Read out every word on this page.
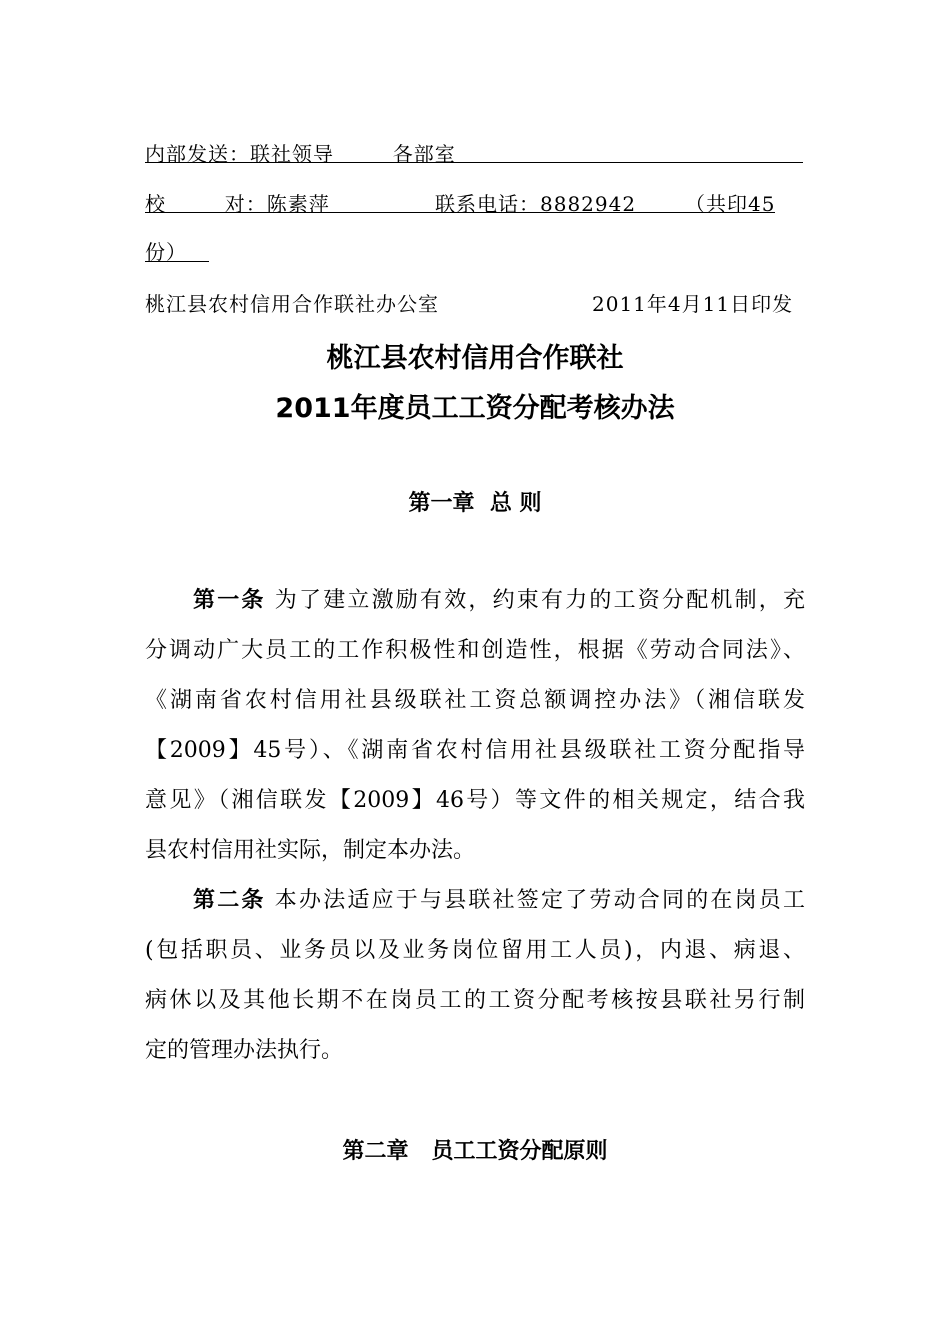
内部发送：联社领导	各部室
校	对：陈素萍	联系电话：8882942 （共印45
份）
桃江县农村信用合作联社办公室	2011年4月11日印发
桃江县农村信用合作联社
2011年度员工工资分配考核办法
第一章  总 则
第一条 为了建立激励有效，约束有力的工资分配机制，充
分调动广大员工的工作积极性和创造性，根据《劳动合同法》、
《湖南省农村信用社县级联社工资总额调控办法》（湘信联发
【2009】45号）、《湖南省农村信用社县级联社工资分配指导
意见》（湘信联发【2009】46号）等文件的相关规定，结合我
县农村信用社实际，制定本办法。
第二条 本办法适应于与县联社签定了劳动合同的在岗员工
(包括职员、业务员以及业务岗位留用工人员)，内退、病退、
病休以及其他长期不在岗员工的工资分配考核按县联社另行制
定的管理办法执行。
第二章   员工工资分配原则
